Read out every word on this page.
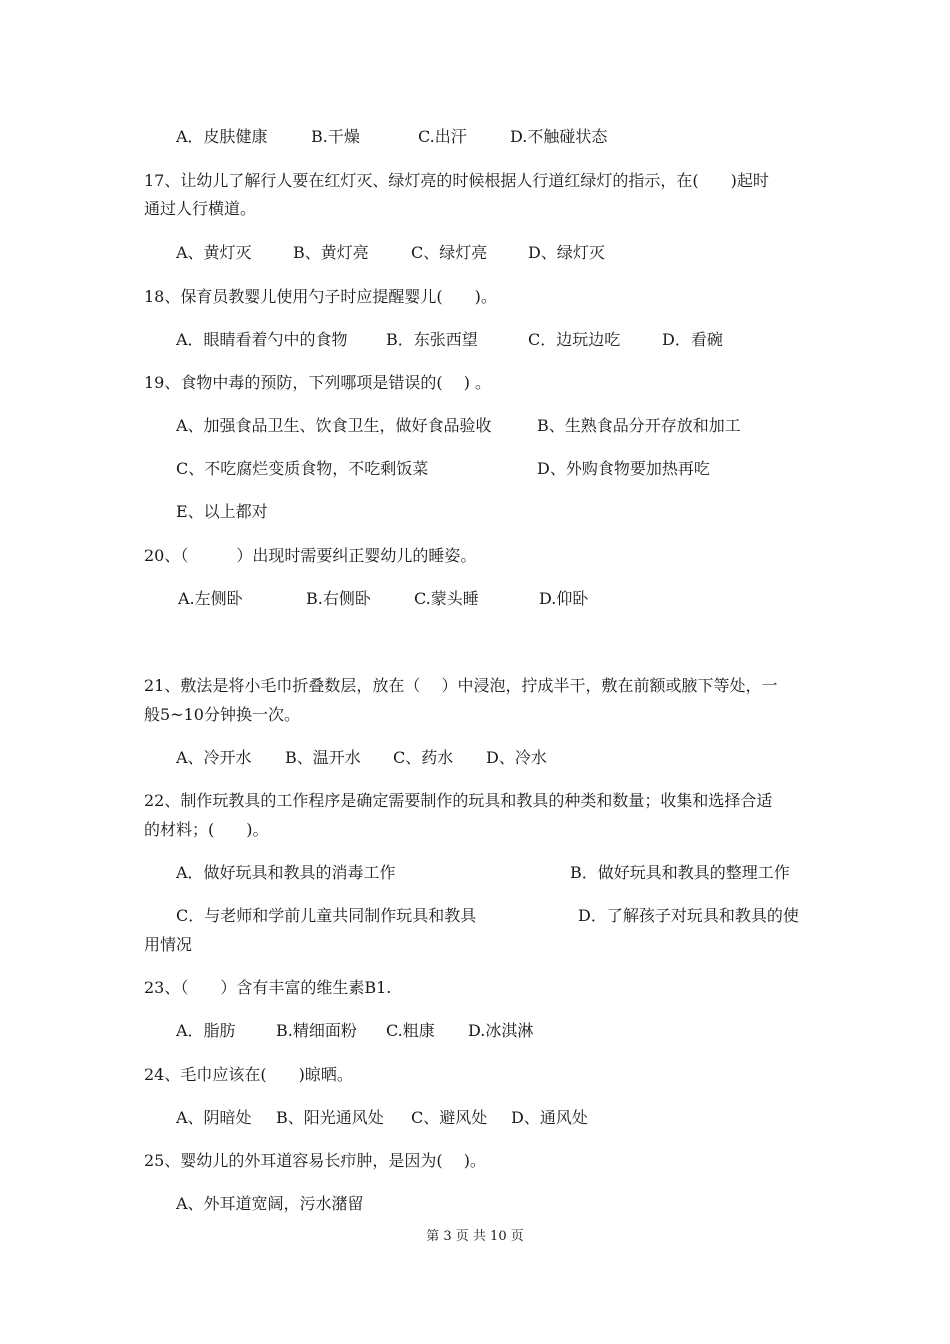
A．皮肤健康	B.干燥	C.出汗	D.不触碰状态
17、让幼儿了解行人要在红灯灭、绿灯亮的时候根据人行道红绿灯的指示，在(　　)起时
通过人行横道。
A、黄灯灭	B、黄灯亮	C、绿灯亮	D、绿灯灭
18、保育员教婴儿使用勺子时应提醒婴儿(　　)。
A．眼睛看着勺中的食物 B．东张西望	C．边玩边吃	D．看碗
19、食物中毒的预防，下列哪项是错误的(　 ) 。
A、加强食品卫生、饮食卫生，做好食品验收	B、生熟食品分开存放和加工
C、不吃腐烂变质食物，不吃剩饭菜	D、外购食物要加热再吃
E、以上都对
20、（　　　）出现时需要纠正婴幼儿的睡姿。
A.左侧卧	B.右侧卧	C.蒙头睡	D.仰卧
21、敷法是将小毛巾折叠数层，放在（　 ）中浸泡，拧成半干，敷在前额或腋下等处，一
般5~10分钟换一次。
A、冷开水 B、温开水 C、药水 D、冷水
22、制作玩教具的工作程序是确定需要制作的玩具和教具的种类和数量；收集和选择合适
的材料；(　　)。
A．做好玩具和教具的消毒工作	B．做好玩具和教具的整理工作
C．与老师和学前儿童共同制作玩具和教具	D．了解孩子对玩具和教具的使
用情况
23、（　　）含有丰富的维生素B1.
A．脂肪	B.精细面粉 C.粗康 D.冰淇淋
24、毛巾应该在(　　)晾晒。
A、阴暗处 B、阳光通风处 C、避风处 D、通风处
25、婴幼儿的外耳道容易长疖肿，是因为(　 )。
A、外耳道宽阔，污水潴留
第 3 页 共 10 页
